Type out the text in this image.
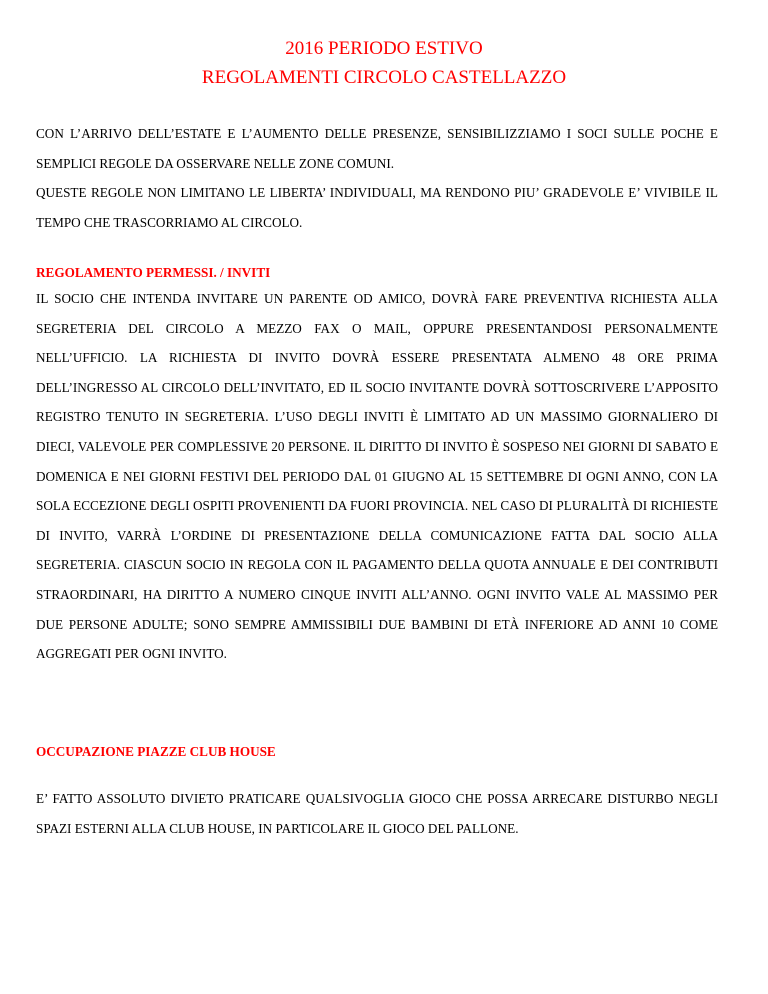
2016 PERIODO ESTIVO
REGOLAMENTI CIRCOLO CASTELLAZZO
CON L’ARRIVO DELL’ESTATE E L’AUMENTO DELLE PRESENZE, SENSIBILIZZIAMO I SOCI SULLE POCHE E SEMPLICI REGOLE DA OSSERVARE NELLE ZONE COMUNI.
QUESTE REGOLE NON LIMITANO LE LIBERTA’ INDIVIDUALI, MA RENDONO PIU’ GRADEVOLE E’ VIVIBILE IL TEMPO CHE TRASCORRIAMO AL CIRCOLO.
REGOLAMENTO PERMESSI. / INVITI

IL SOCIO CHE INTENDA INVITARE UN PARENTE OD AMICO, DOVRÀ FARE PREVENTIVA RICHIESTA ALLA SEGRETERIA DEL CIRCOLO A MEZZO FAX O MAIL, OPPURE PRESENTANDOSI PERSONALMENTE NELL’UFFICIO. LA RICHIESTA DI INVITO DOVRÀ ESSERE PRESENTATA ALMENO 48 ORE PRIMA DELL’INGRESSO AL CIRCOLO DELL’INVITATO, ED IL SOCIO INVITANTE DOVRÀ SOTTOSCRIVERE L’APPOSITO REGISTRO TENUTO IN SEGRETERIA. L’USO DEGLI INVITI È LIMITATO AD UN MASSIMO GIORNALIERO DI DIECI, VALEVOLE PER COMPLESSIVE 20 PERSONE. IL DIRITTO DI INVITO È SOSPESO NEI GIORNI DI SABATO E DOMENICA E NEI GIORNI FESTIVI DEL PERIODO DAL 01 GIUGNO AL 15 SETTEMBRE DI OGNI ANNO, CON LA SOLA ECCEZIONE DEGLI OSPITI PROVENIENTI DA FUORI PROVINCIA. NEL CASO DI PLURALITÀ DI RICHIESTE DI INVITO, VARRÀ L’ORDINE DI PRESENTAZIONE DELLA COMUNICAZIONE FATTA DAL SOCIO ALLA SEGRETERIA. CIASCUN SOCIO IN REGOLA CON IL PAGAMENTO DELLA QUOTA ANNUALE E DEI CONTRIBUTI STRAORDINARI, HA DIRITTO A NUMERO CINQUE INVITI ALL’ANNO. OGNI INVITO VALE AL MASSIMO PER DUE PERSONE ADULTE; SONO SEMPRE AMMISSIBILI DUE BAMBINI DI ETÀ INFERIORE AD ANNI 10 COME AGGREGATI PER OGNI INVITO.

OCCUPAZIONE PIAZZE CLUB HOUSE

E’ FATTO ASSOLUTO DIVIETO PRATICARE QUALSIVOGLIA GIOCO CHE POSSA ARRECARE DISTURBO NEGLI SPAZI ESTERNI ALLA CLUB HOUSE, IN PARTICOLARE IL GIOCO DEL PALLONE.
